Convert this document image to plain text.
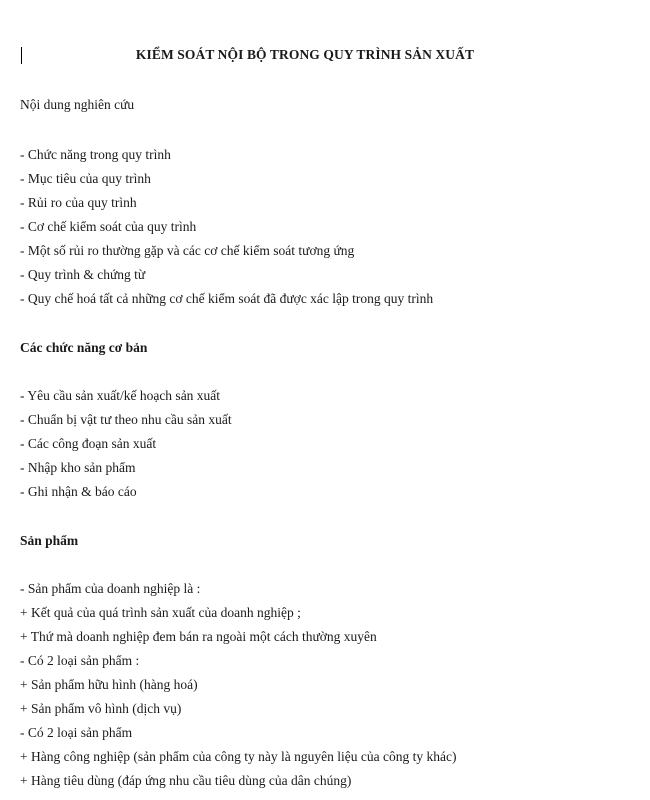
KIỂM SOÁT NỘI BỘ TRONG QUY TRÌNH SẢN XUẤT
Nội dung nghiên cứu
- Chức năng trong quy trình
- Mục tiêu của quy trình
- Rủi ro của quy trình
- Cơ chế kiểm soát của quy trình
- Một số rủi ro thường gặp và các cơ chế kiểm soát tương ứng
- Quy trình & chứng từ
- Quy chế hoá tất cả những cơ chế kiểm soát đã được xác lập trong quy trình
Các chức năng cơ bản
- Yêu cầu sản xuất/kế hoạch sản xuất
- Chuẩn bị vật tư theo nhu cầu sản xuất
- Các công đoạn sản xuất
- Nhập kho sản phẩm
- Ghi nhận & báo cáo
Sản phẩm
- Sản phẩm của doanh nghiệp là :
+ Kết quả của quá trình sản xuất của doanh nghiệp ;
+ Thứ mà doanh nghiệp đem bán ra ngoài một cách thường xuyên
- Có 2 loại sản phẩm :
+ Sản phẩm hữu hình (hàng hoá)
+ Sản phẩm vô hình (dịch vụ)
- Có 2 loại sản phẩm
+ Hàng công nghiệp (sản phẩm của công ty này là nguyên liệu của công ty khác)
+ Hàng tiêu dùng (đáp ứng nhu cầu tiêu dùng của dân chúng)
